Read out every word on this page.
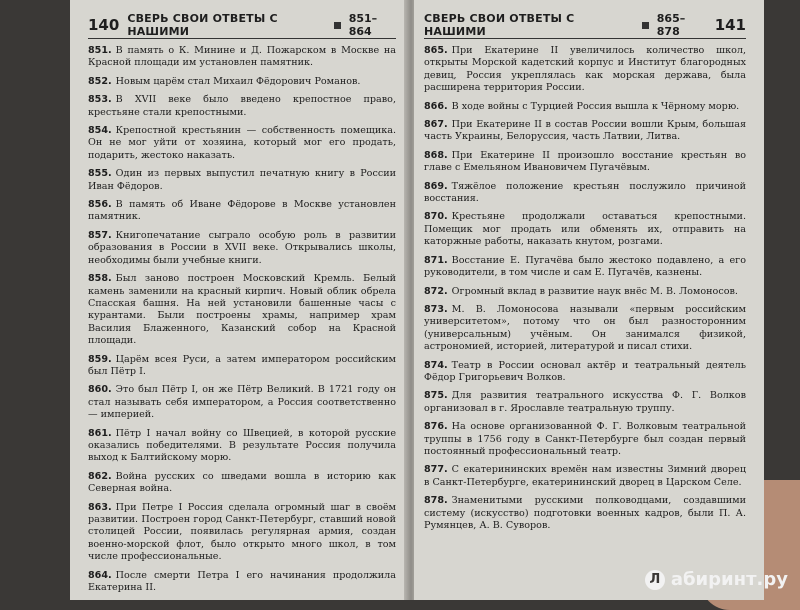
140 СВЕРЬ СВОИ ОТВЕТЫ С НАШИМИ
851–864
851. В память о К. Минине и Д. Пожарском в Москве на Красной площади им установлен памятник.
852. Новым царём стал Михаил Фёдорович Романов.
853. В XVII веке было введено крепостное право, крестьяне стали крепостными.
854. Крепостной крестьянин — собственность помещика. Он не мог уйти от хозяина, который мог его продать, подарить, жестоко наказать.
855. Один из первых выпустил печатную книгу в России Иван Фёдоров.
856. В память об Иване Фёдорове в Москве установлен памятник.
857. Книгопечатание сыграло особую роль в развитии образования в России в XVII веке. Открывались школы, необходимы были учебные книги.
858. Был заново построен Московский Кремль. Белый камень заменили на красный кирпич. Новый облик обрела Спасская башня. На ней установили башенные часы с курантами. Были построены храмы, например храм Василия Блаженного, Казанский собор на Красной площади.
859. Царём всея Руси, а затем императором российским был Пётр I.
860. Это был Пётр I, он же Пётр Великий. В 1721 году он стал называть себя императором, а Россия соответственно — империей.
861. Пётр I начал войну со Швецией, в которой русские оказались победителями. В результате Россия получила выход к Балтийскому морю.
862. Война русских со шведами вошла в историю как Северная война.
863. При Петре I Россия сделала огромный шаг в своём развитии. Построен город Санкт-Петербург, ставший новой столицей России, появилась регулярная армия, создан военно-морской флот, было открыто много школ, в том числе профессиональные.
864. После смерти Петра I его начинания продолжила Екатерина II.
СВЕРЬ СВОИ ОТВЕТЫ С НАШИМИ
865–878	141
865. При Екатерине II увеличилось количество школ, открыты Морской кадетский корпус и Институт благородных девиц, Россия укреплялась как морская держава, была расширена территория России.
866. В ходе войны с Турцией Россия вышла к Чёрному морю.
867. При Екатерине II в состав России вошли Крым, большая часть Украины, Белоруссия, часть Латвии, Литва.
868. При Екатерине II произошло восстание крестьян во главе с Емельяном Ивановичем Пугачёвым.
869. Тяжёлое положение крестьян послужило причиной восстания.
870. Крестьяне продолжали оставаться крепостными. Помещик мог продать или обменять их, отправить на каторжные работы, наказать кнутом, розгами.
871. Восстание Е. Пугачёва было жестоко подавлено, а его руководители, в том числе и сам Е. Пугачёв, казнены.
872. Огромный вклад в развитие наук внёс М. В. Ломоносов.
873. М. В. Ломоносова называли «первым российским университетом», потому что он был разносторонним (универсальным) учёным. Он занимался физикой, астрономией, историей, литературой и писал стихи.
874. Театр в России основал актёр и театральный деятель Фёдор Григорьевич Волков.
875. Для развития театрального искусства Ф. Г. Волков организовал в г. Ярославле театральную труппу.
876. На основе организованной Ф. Г. Волковым театральной труппы в 1756 году в Санкт-Петербурге был создан первый постоянный профессиональный театр.
877. С екатерининских времён нам известны Зимний дворец в Санкт-Петербурге, екатерининский дворец в Царском Селе.
878. Знаменитыми русскими полководцами, создавшими систему (искусство) подготовки военных кадров, были П. А. Румянцев, А. В. Суворов.
Л абиринт.ру
